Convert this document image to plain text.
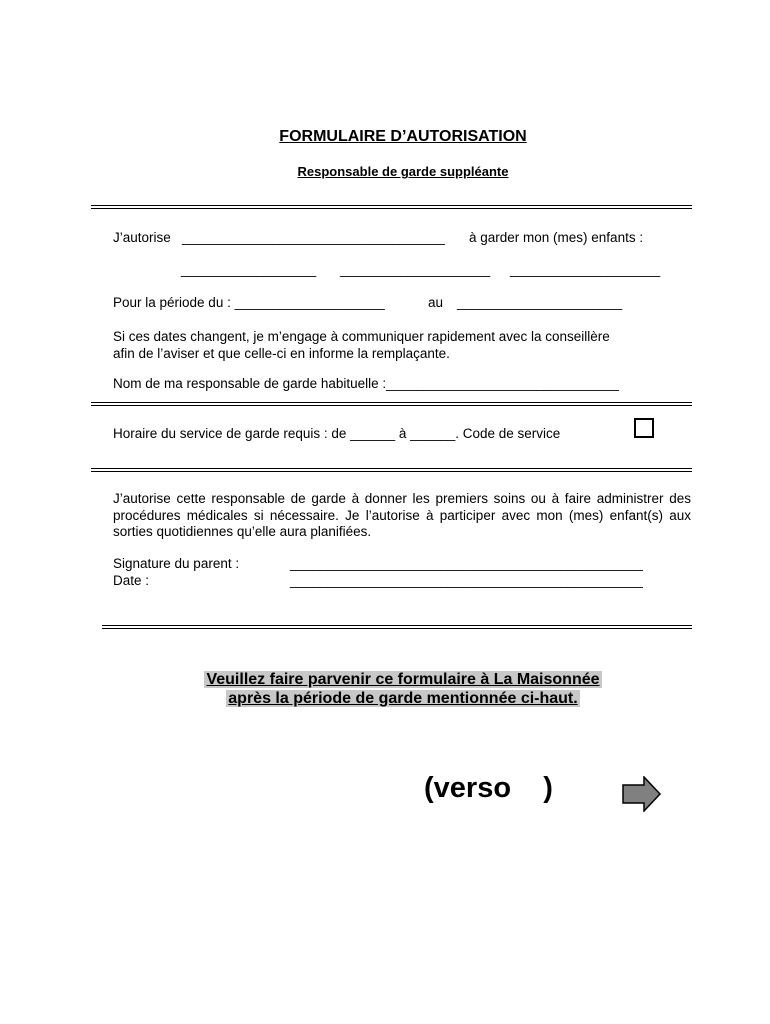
FORMULAIRE D’AUTORISATION
Responsable de garde suppléante
J’autorise ___________________________________ à garder mon (mes) enfants :
__________________ ____________________ ____________________
Pour la période du : ____________________	au ______________________
Si ces dates changent, je m’engage à communiquer rapidement avec la conseillère
afin de l’aviser et que celle-ci en informe la remplaçante.
Nom de ma responsable de garde habituelle :_______________________________
Horaire du service de garde requis : de ______ à ______. Code de service
J’autorise cette responsable de garde à donner les premiers soins ou à faire administrer des procédures médicales si nécessaire. Je l’autorise à participer avec mon (mes) enfant(s) aux sorties quotidiennes qu’elle aura planifiées.
Signature du parent :	_______________________________________________
Date :	_______________________________________________
Veuillez faire parvenir ce formulaire à La Maisonnée
après la période de garde mentionnée ci-haut.
(verso    )
